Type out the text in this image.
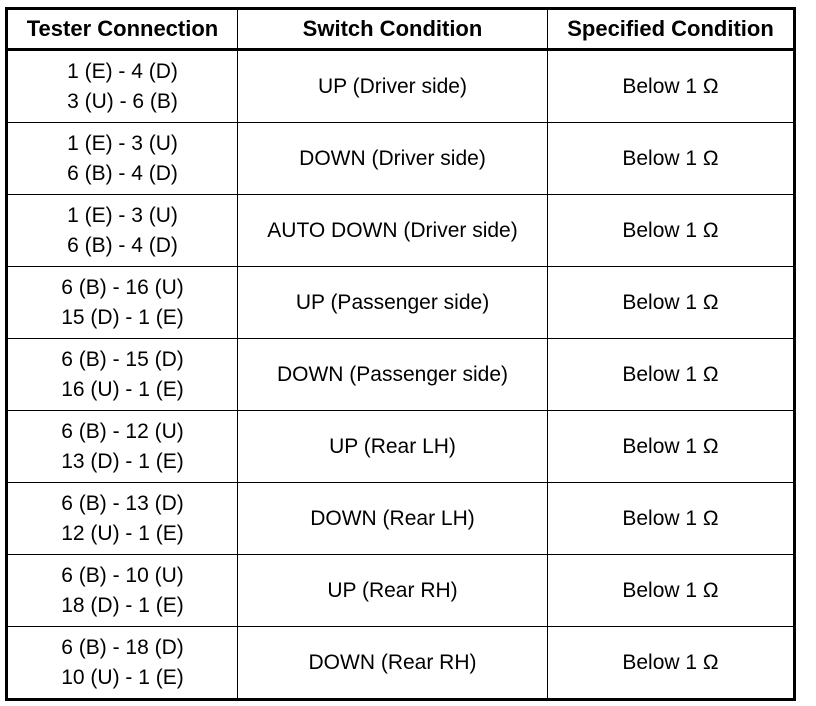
Tester Connection	Switch Condition	Specified Condition

1 (E) - 4 (D)
3 (U) - 6 (B)	UP (Driver side)	Below 1 Ω

1 (E) - 3 (U)
6 (B) - 4 (D)	DOWN (Driver side)	Below 1 Ω

1 (E) - 3 (U)
6 (B) - 4 (D)	AUTO DOWN (Driver side)	Below 1 Ω

6 (B) - 16 (U)
15 (D) - 1 (E)	UP (Passenger side)	Below 1 Ω

6 (B) - 15 (D)
16 (U) - 1 (E)	DOWN (Passenger side)	Below 1 Ω

6 (B) - 12 (U)
13 (D) - 1 (E)	UP (Rear LH)	Below 1 Ω

6 (B) - 13 (D)
12 (U) - 1 (E)	DOWN (Rear LH)	Below 1 Ω

6 (B) - 10 (U)
18 (D) - 1 (E)	UP (Rear RH)	Below 1 Ω

6 (B) - 18 (D)
10 (U) - 1 (E)	DOWN (Rear RH)	Below 1 Ω
